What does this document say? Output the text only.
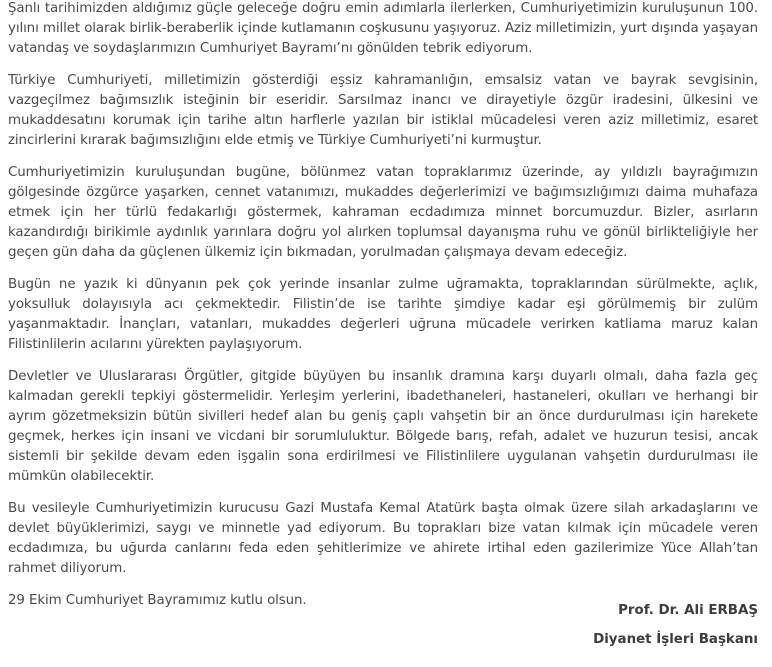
Şanlı tarihimizden aldığımız güçle geleceğe doğru emin adımlarla ilerlerken, Cumhuriyetimizin kuruluşunun 100. yılını millet olarak birlik-beraberlik içinde kutlamanın coşkusunu yaşıyoruz. Aziz milletimizin, yurt dışında yaşayan vatandaş ve soydaşlarımızın Cumhuriyet Bayramı’nı gönülden tebrik ediyorum.

Türkiye Cumhuriyeti, milletimizin gösterdiği eşsiz kahramanlığın, emsalsiz vatan ve bayrak sevgisinin, vazgeçilmez bağımsızlık isteğinin bir eseridir. Sarsılmaz inancı ve dirayetiyle özgür iradesini, ülkesini ve mukaddesatını korumak için tarihe altın harflerle yazılan bir istiklal mücadelesi veren aziz milletimiz, esaret zincirlerini kırarak bağımsızlığını elde etmiş ve Türkiye Cumhuriyeti’ni kurmuştur.

Cumhuriyetimizin kuruluşundan bugüne, bölünmez vatan topraklarımız üzerinde, ay yıldızlı bayrağımızın gölgesinde özgürce yaşarken, cennet vatanımızı, mukaddes değerlerimizi ve bağımsızlığımızı daima muhafaza etmek için her türlü fedakarlığı göstermek, kahraman ecdadımıza minnet borcumuzdur. Bizler, asırların kazandırdığı birikimle aydınlık yarınlara doğru yol alırken toplumsal dayanışma ruhu ve gönül birlikteliğiyle her geçen gün daha da güçlenen ülkemiz için bıkmadan, yorulmadan çalışmaya devam edeceğiz.

Bugün ne yazık ki dünyanın pek çok yerinde insanlar zulme uğramakta, topraklarından sürülmekte, açlık, yoksulluk dolayısıyla acı çekmektedir. Filistin’de ise tarihte şimdiye kadar eşi görülmemiş bir zulüm yaşanmaktadır. İnançları, vatanları, mukaddes değerleri uğruna mücadele verirken katliama maruz kalan Filistinlilerin acılarını yürekten paylaşıyorum.

Devletler ve Uluslararası Örgütler, gitgide büyüyen bu insanlık dramına karşı duyarlı olmalı, daha fazla geç kalmadan gerekli tepkiyi göstermelidir. Yerleşim yerlerini, ibadethaneleri, hastaneleri, okulları ve herhangi bir ayrım gözetmeksizin bütün sivilleri hedef alan bu geniş çaplı vahşetin bir an önce durdurulması için harekete geçmek, herkes için insani ve vicdani bir sorumluluktur. Bölgede barış, refah, adalet ve huzurun tesisi, ancak sistemli bir şekilde devam eden işgalin sona erdirilmesi ve Filistinlilere uygulanan vahşetin durdurulması ile mümkün olabilecektir.

Bu vesileyle Cumhuriyetimizin kurucusu Gazi Mustafa Kemal Atatürk başta olmak üzere silah arkadaşlarını ve devlet büyüklerimizi, saygı ve minnetle yad ediyorum. Bu toprakları bize vatan kılmak için mücadele veren ecdadımıza, bu uğurda canlarını feda eden şehitlerimize ve ahirete irtihal eden gazilerimize Yüce Allah’tan rahmet diliyorum.

29 Ekim Cumhuriyet Bayramımız kutlu olsun.

Prof. Dr. Ali ERBAŞ
Diyanet İşleri Başkanı
